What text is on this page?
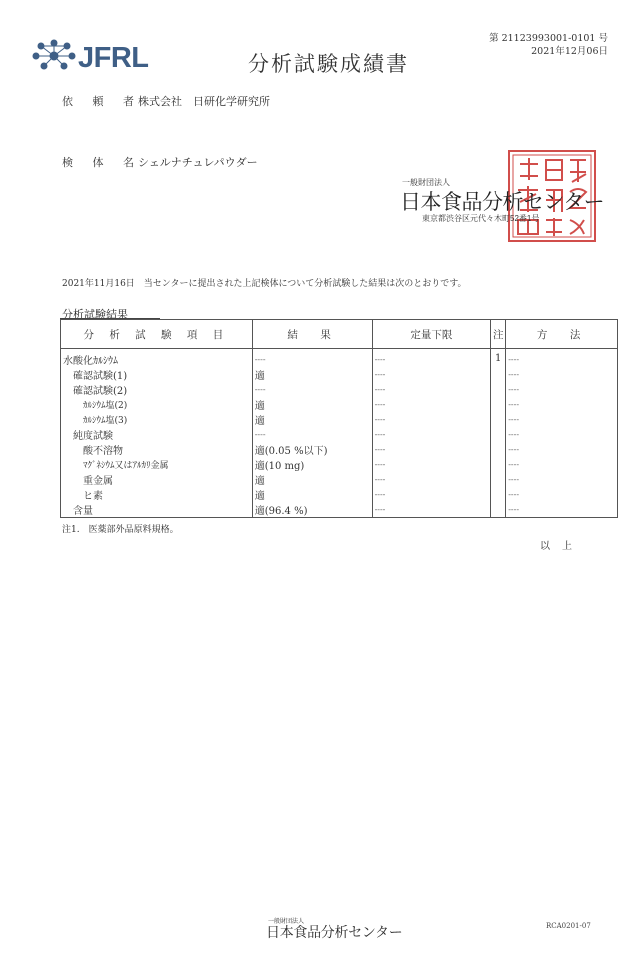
JFRL	分析試験成績書
第 21123993001-0101 号
2021年12月06日
依 頼 者
株式会社　日研化学研究所
検 体 名
シェルナチュレパウダー
一般財団法人
日本食品分析センター
東京都渋谷区元代々木町52番1号
2021年11月16日　当センターに提出された上記検体について分析試験した結果は次のとおりです。
分析試験結果
分 析 試 験 項 目	結　果	定量下限	注	方　法
水酸化ｶﾙｼｳﾑ	----	----	1	----
確認試験(1)	適	----		----
確認試験(2)	----	----		----
ｶﾙｼｳﾑ塩(2)	適	----		----
ｶﾙｼｳﾑ塩(3)	適	----		----
純度試験	----	----		----
酸不溶物	適(0.05 %以下)	----		----
ﾏｸﾞﾈｼｳﾑ又はｱﾙｶﾘ金属	適(10 mg)	----		----
重金属	適	----		----
ヒ素	適	----		----
含量	適(96.4 %)	----		----
注1.　医薬部外品原料規格。
以上
一般財団法人
日本食品分析センター	RCA0201-07
